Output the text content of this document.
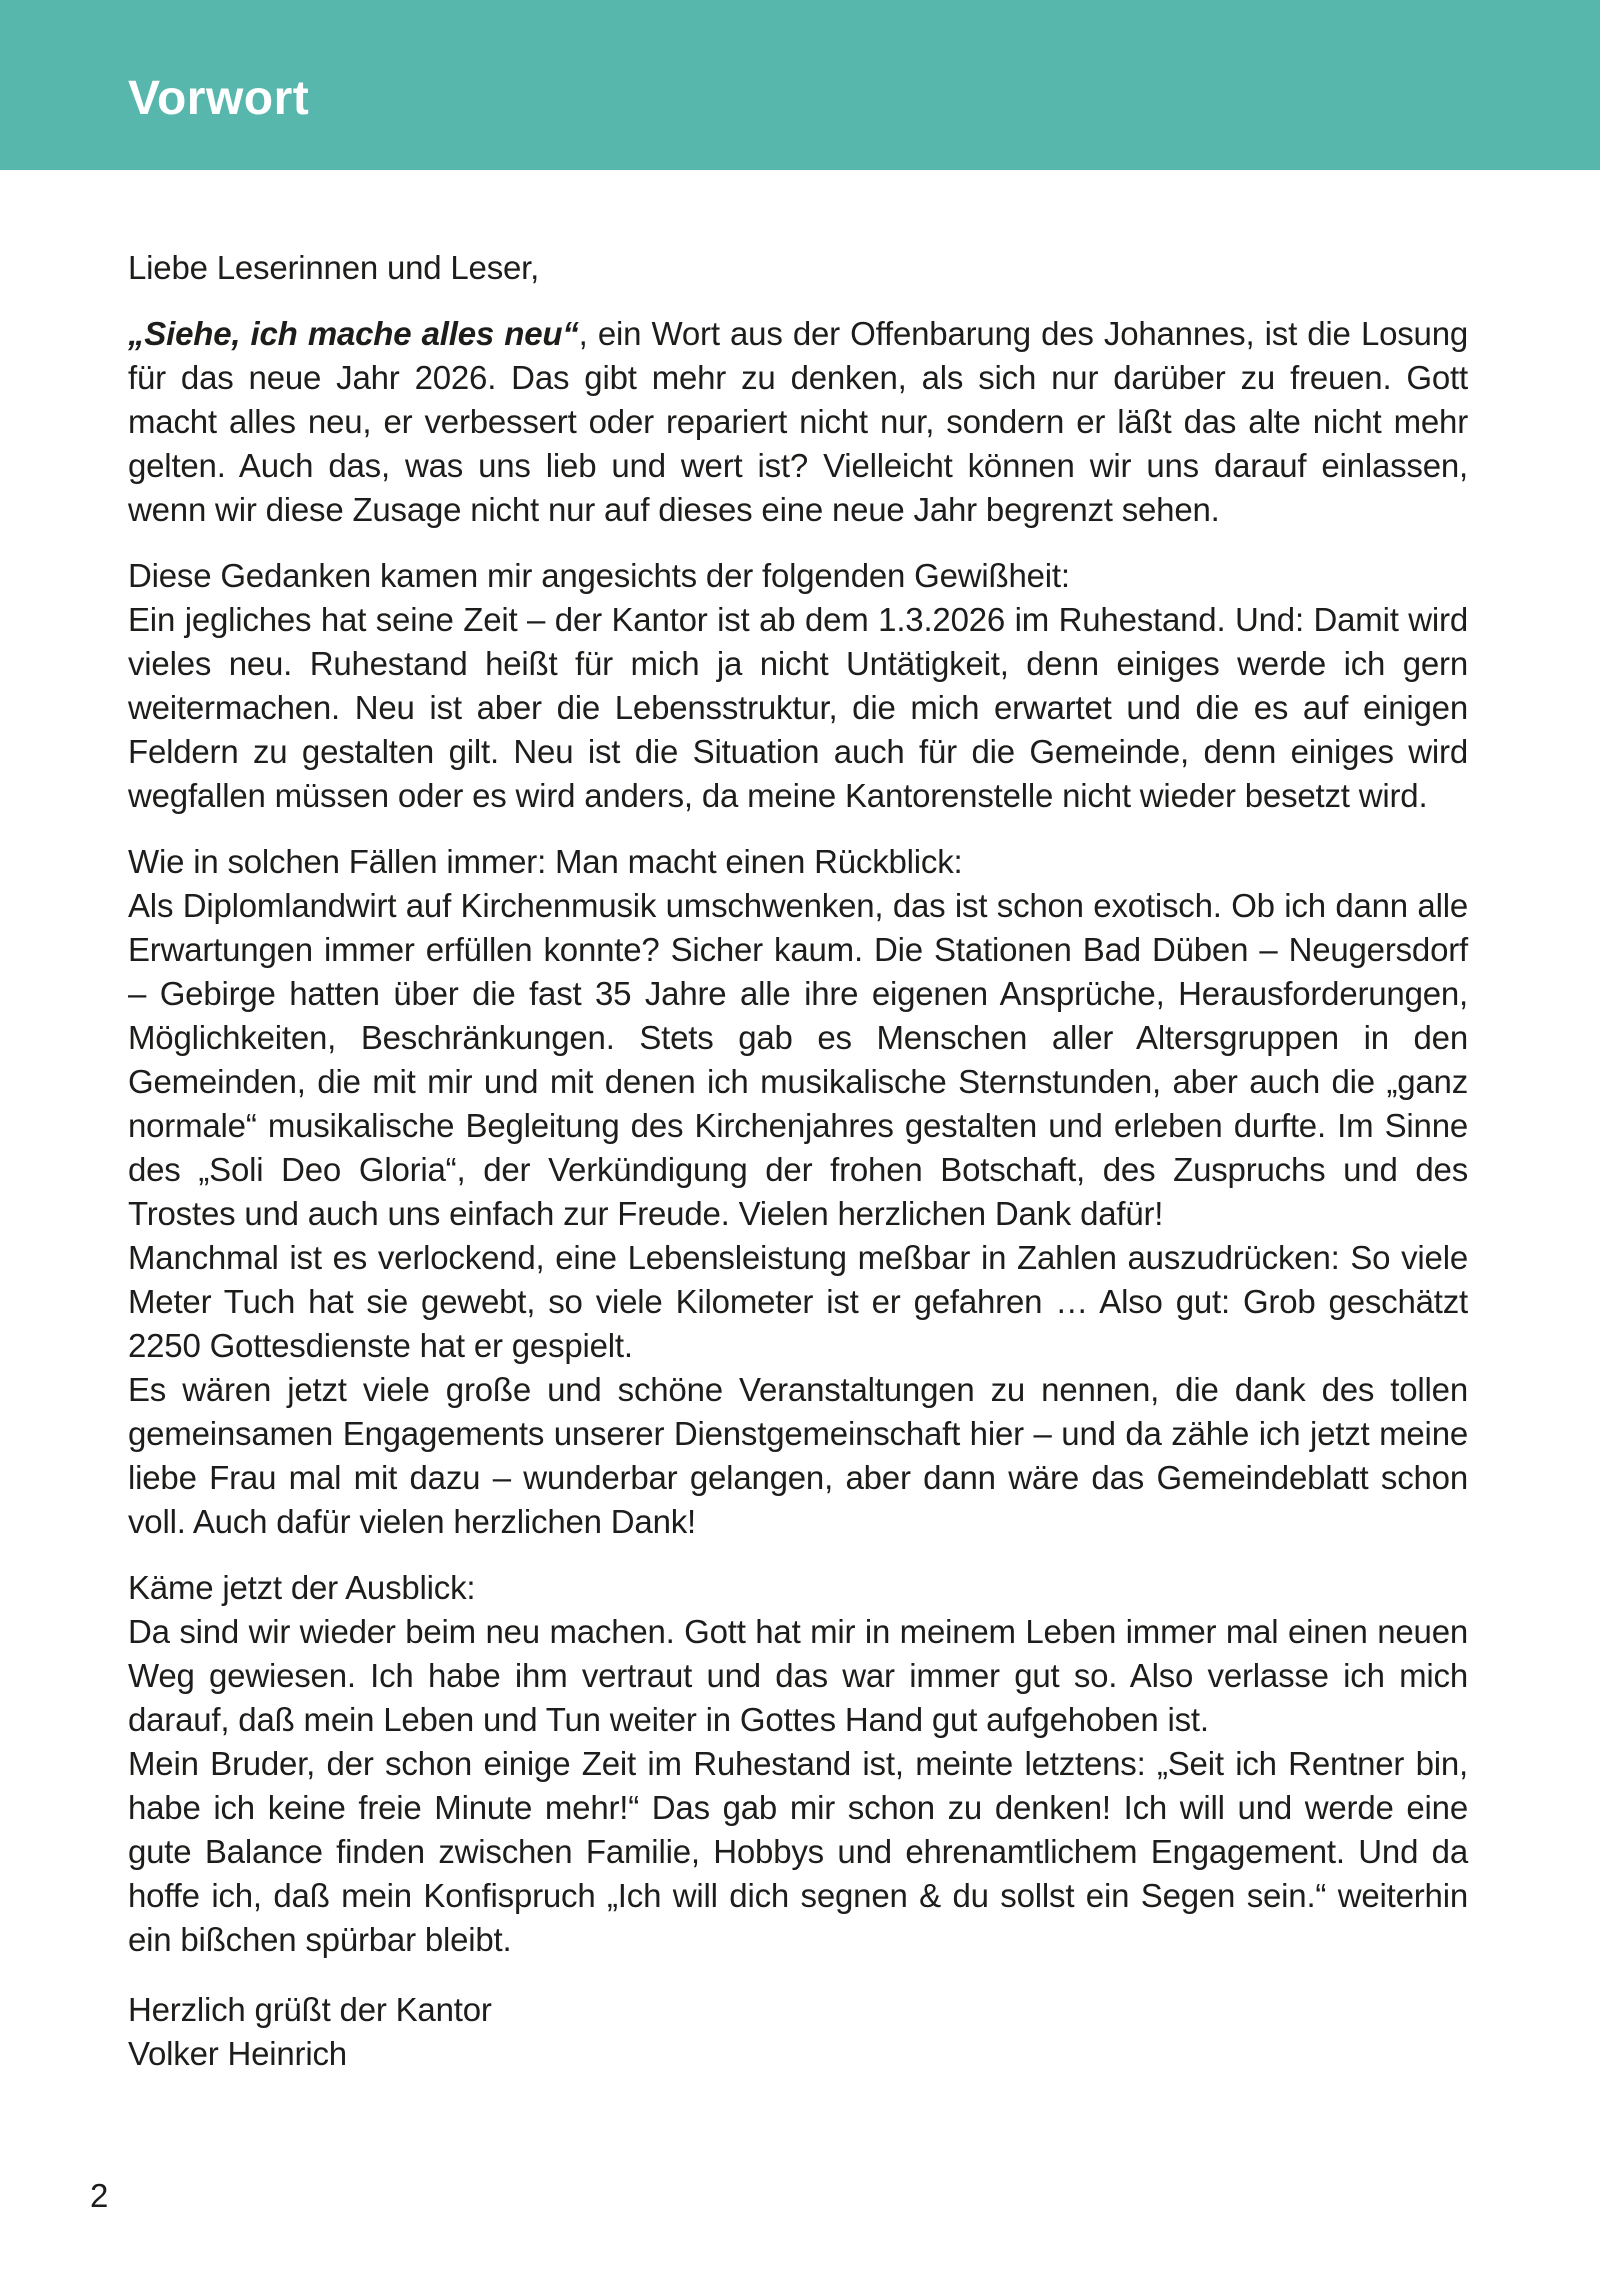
Vorwort

Liebe Leserinnen und Leser,

„Siehe, ich mache alles neu“, ein Wort aus der Offenbarung des Johannes, ist die Losung für das neue Jahr 2026. Das gibt mehr zu denken, als sich nur darüber zu freuen. Gott macht alles neu, er verbessert oder repariert nicht nur, sondern er läßt das alte nicht mehr gelten. Auch das, was uns lieb und wert ist? Vielleicht können wir uns darauf einlassen, wenn wir diese Zusage nicht nur auf dieses eine neue Jahr begrenzt sehen.

Diese Gedanken kamen mir angesichts der folgenden Gewißheit:
Ein jegliches hat seine Zeit – der Kantor ist ab dem 1.3.2026 im Ruhestand. Und: Damit wird vieles neu. Ruhestand heißt für mich ja nicht Untätigkeit, denn einiges werde ich gern weitermachen. Neu ist aber die Lebensstruktur, die mich erwartet und die es auf einigen Feldern zu gestalten gilt. Neu ist die Situation auch für die Gemeinde, denn einiges wird wegfallen müssen oder es wird anders, da meine Kantorenstelle nicht wieder besetzt wird.
Wie in solchen Fällen immer: Man macht einen Rückblick:
Als Diplomlandwirt auf Kirchenmusik umschwenken, das ist schon exotisch. Ob ich dann alle Erwartungen immer erfüllen konnte? Sicher kaum. Die Stationen Bad Düben – Neugersdorf – Gebirge hatten über die fast 35 Jahre alle ihre eigenen Ansprüche, Herausforderungen, Möglichkeiten, Beschränkungen. Stets gab es Menschen aller Altersgruppen in den Gemeinden, die mit mir und mit denen ich musikalische Sternstunden, aber auch die „ganz normale“ musikalische Begleitung des Kirchenjahres gestalten und erleben durfte. Im Sinne des „Soli Deo Gloria“, der Verkündigung der frohen Botschaft, des Zuspruchs und des Trostes und auch uns einfach zur Freude. Vielen herzlichen Dank dafür!
Manchmal ist es verlockend, eine Lebensleistung meßbar in Zahlen auszudrücken: So viele Meter Tuch hat sie gewebt, so viele Kilometer ist er gefahren … Also gut: Grob geschätzt 2250 Gottesdienste hat er gespielt.
Es wären jetzt viele große und schöne Veranstaltungen zu nennen, die dank des tollen gemeinsamen Engagements unserer Dienstgemeinschaft hier – und da zähle ich jetzt meine liebe Frau mal mit dazu – wunderbar gelangen, aber dann wäre das Gemeindeblatt schon voll. Auch dafür vielen herzlichen Dank!
Käme jetzt der Ausblick:
Da sind wir wieder beim neu machen. Gott hat mir in meinem Leben immer mal einen neuen Weg gewiesen. Ich habe ihm vertraut und das war immer gut so. Also verlasse ich mich darauf, daß mein Leben und Tun weiter in Gottes Hand gut aufgehoben ist.
Mein Bruder, der schon einige Zeit im Ruhestand ist, meinte letztens: „Seit ich Rentner bin, habe ich keine freie Minute mehr!“ Das gab mir schon zu denken! Ich will und werde eine gute Balance finden zwischen Familie, Hobbys und ehrenamtlichem Engagement. Und da hoffe ich, daß mein Konfispruch „Ich will dich segnen & du sollst ein Segen sein.“ weiterhin ein bißchen spürbar bleibt.
Herzlich grüßt der Kantor
Volker Heinrich
2
